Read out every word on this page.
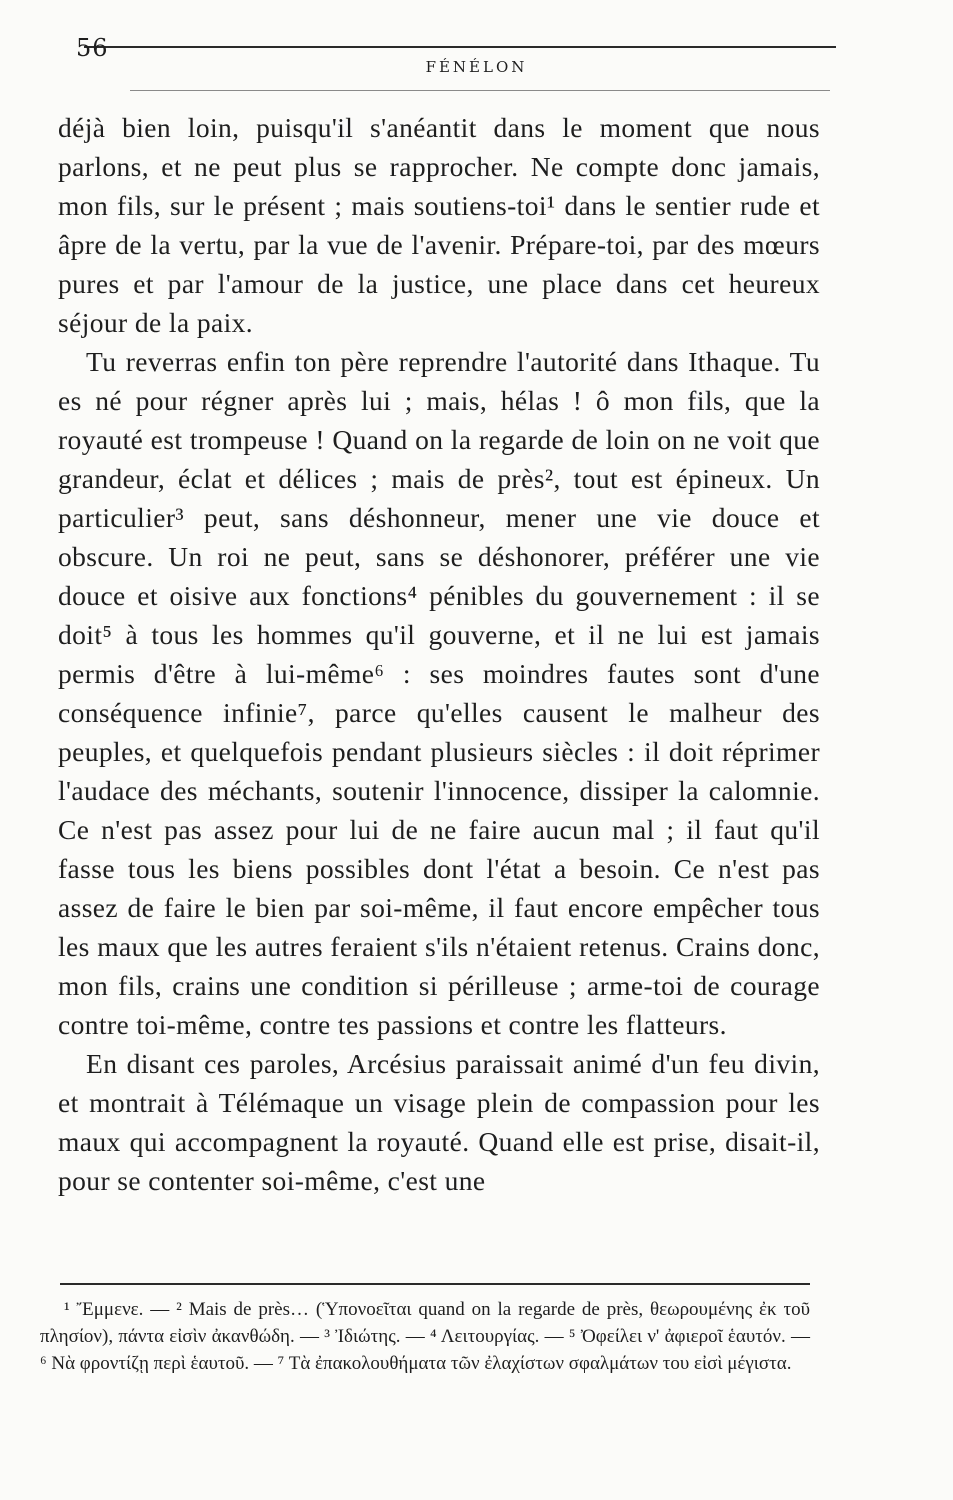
56
FÉNÉLON

déjà bien loin, puisqu'il s'anéantit dans le moment que nous parlons, et ne peut plus se rapprocher. Ne compte donc jamais, mon fils, sur le présent ; mais soutiens-toi¹ dans le sentier rude et âpre de la vertu, par la vue de l'avenir. Prépare-toi, par des mœurs pures et par l'amour de la justice, une place dans cet heureux séjour de la paix.

Tu reverras enfin ton père reprendre l'autorité dans Ithaque. Tu es né pour régner après lui ; mais, hélas ! ô mon fils, que la royauté est trompeuse ! Quand on la regarde de loin on ne voit que grandeur, éclat et délices ; mais de près², tout est épineux. Un particulier³ peut, sans déshonneur, mener une vie douce et obscure. Un roi ne peut, sans se déshonorer, préférer une vie douce et oisive aux fonctions⁴ pénibles du gouvernement : il se doit⁵ à tous les hommes qu'il gouverne, et il ne lui est jamais permis d'être à lui-même⁶ : ses moindres fautes sont d'une conséquence infinie⁷, parce qu'elles causent le malheur des peuples, et quelquefois pendant plusieurs siècles : il doit réprimer l'audace des méchants, soutenir l'innocence, dissiper la calomnie. Ce n'est pas assez pour lui de ne faire aucun mal ; il faut qu'il fasse tous les biens possibles dont l'état a besoin. Ce n'est pas assez de faire le bien par soi-même, il faut encore empêcher tous les maux que les autres feraient s'ils n'étaient retenus. Crains donc, mon fils, crains une condition si périlleuse ; arme-toi de courage contre toi-même, contre tes passions et contre les flatteurs.

En disant ces paroles, Arcésius paraissait animé d'un feu divin, et montrait à Télémaque un visage plein de compassion pour les maux qui accompagnent la royauté. Quand elle est prise, disait-il, pour se contenter soi-même, c'est une

¹ Ἔμμενε. — ² Mais de près… (Ὑπονοεῖται quand on la regarde de près, θεωρουμένης ἐκ τοῦ πλησίον), πάντα εἰσὶν ἀκανθώδη. — ³ Ἰδιώτης. — ⁴ Λειτουργίας. — ⁵ Ὀφείλει ν' ἀφιεροῖ ἑαυτόν. — ⁶ Νὰ φροντίζῃ περὶ ἑαυτοῦ. — ⁷ Τὰ ἐπακολουθήματα τῶν ἐλαχίστων σφαλμάτων του εἰσὶ μέγιστα.
